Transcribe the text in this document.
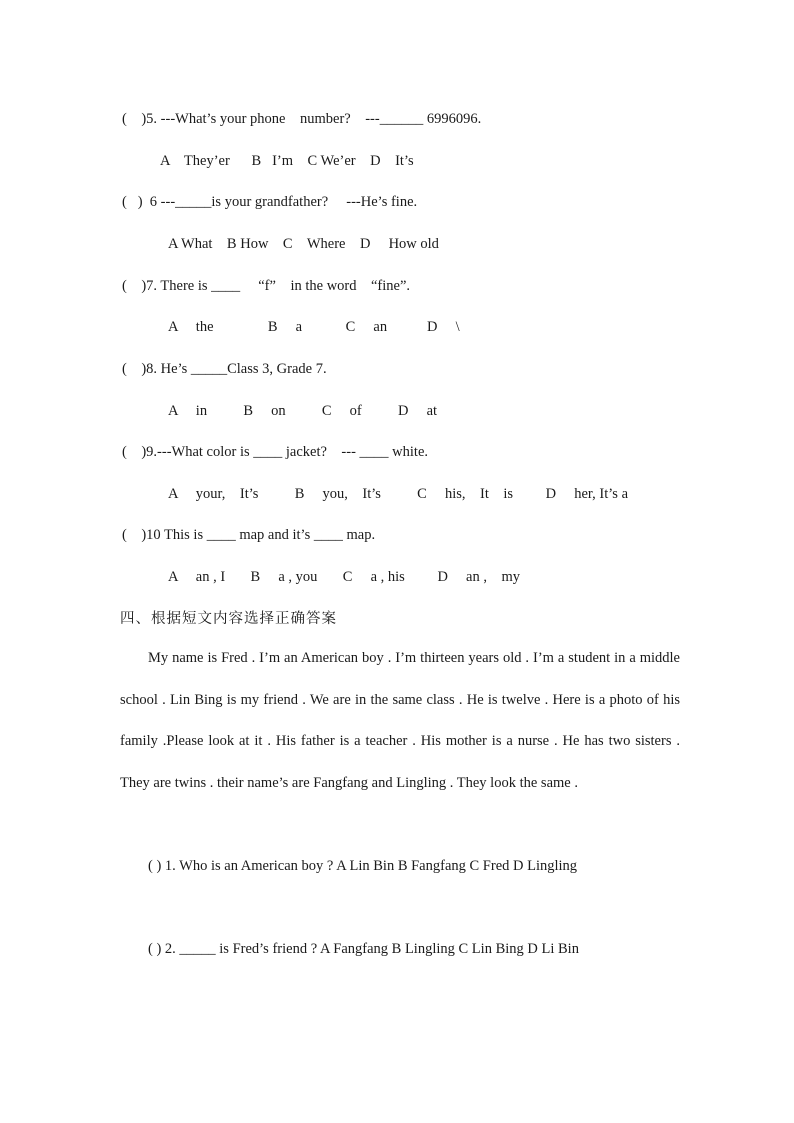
(    )5. ---What’s your phone    number?    ---______ 6996096.
A    They’er      B   I’m    C We’er    D    It’s
(   )  6 ---_____is your grandfather?     ---He’s fine.
A What    B How    C    Where    D     How old
(    )7. There is ____     “f”    in the word    “fine”.
A     the               B     a            C     an           D     \
(    )8. He’s _____Class 3, Grade 7.
A     in          B     on          C     of          D     at
(    )9.---What color is ____ jacket?    --- ____ white.
A     your,    It’s          B     you,    It’s          C     his,    It    is         D     her, It’s a
(    )10 This is ____ map and it’s ____ map.
A     an , I       B     a , you       C     a , his         D     an ,    my
四、根据短文内容选择正确答案
My name is Fred . I’m an American boy . I’m thirteen years old . I’m a student in a middle school . Lin Bing is my friend . We are in the same class . He is twelve . Here is a photo of his family .Please look at it . His father is a teacher . His mother is a nurse . He has two sisters . They are twins . their name’s are Fangfang and Lingling . They look the same .
( ) 1. Who is an American boy ? A Lin Bin B Fangfang C Fred D Lingling
( ) 2. _____ is Fred’s friend ? A Fangfang B Lingling C Lin Bing D Li Bin
